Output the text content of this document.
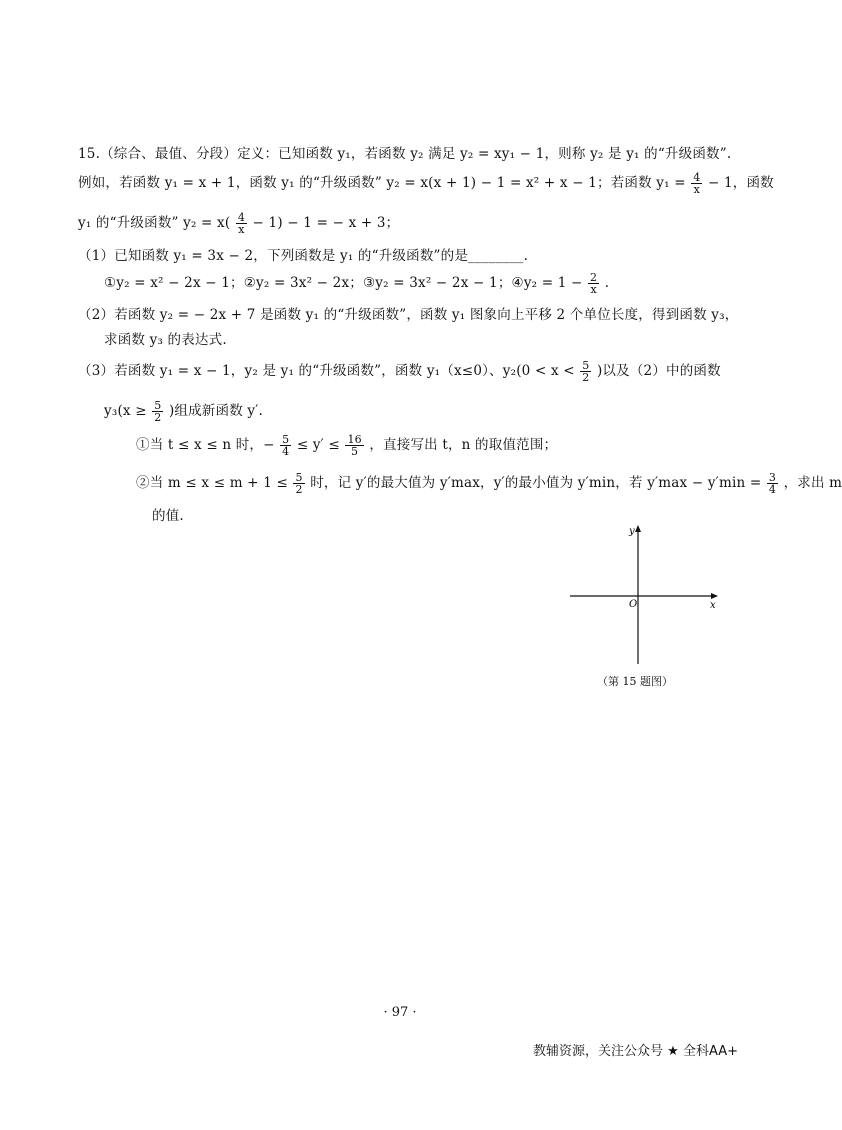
15.（综合、最值、分段）定义：已知函数 y₁，若函数 y₂ 满足 y₂ = xy₁ − 1，则称 y₂ 是 y₁ 的“升级函数”.
例如，若函数 y₁ = x + 1，函数 y₁ 的“升级函数” y₂ = x(x + 1) − 1 = x² + x − 1；若函数 $y_1 = \frac{4}{x} - 1$，函数
y₁ 的“升级函数” $y_2 = x( \frac{4}{x} - 1) - 1$ = − x + 3；
（1）已知函数 y₁ = 3x − 2，下列函数是 y₁ 的“升级函数”的是________.
①y₂ = x² − 2x − 1；②y₂ = 3x² − 2x；③y₂ = 3x² − 2x − 1；④y₂ = $1 - \frac{2}{x}$ .
（2）若函数 y₂ = − 2x + 7 是函数 y₁ 的“升级函数”，函数 y₁ 图象向上平移 2 个单位长度，得到函数 y₃，
求函数 y₃ 的表达式.
（3）若函数 y₁ = x − 1，y₂ 是 y₁ 的“升级函数”，函数 y₁（x≤0）、$y_2(0 < x < \frac{5}{2}$ )以及（2）中的函数
$y_3(x \ge \frac{5}{2}$ )组成新函数 y′.
①当 t ≤ x ≤ n 时，− $\frac{5}{4} \le y' \le \frac{16}{5}$ ，直接写出 t，n 的取值范围；
②当 $m \le x \le m + 1 \le \frac{5}{2}$ 时，记 y′的最大值为 y′max，y′的最小值为 y′min，若 $y'\max - y'\min = \frac{3}{4}$ ，求出 m
的值.
y
x
O
（第 15 题图）
· 97 ·
教辅资源，关注公众号 ★ 全科AA+
